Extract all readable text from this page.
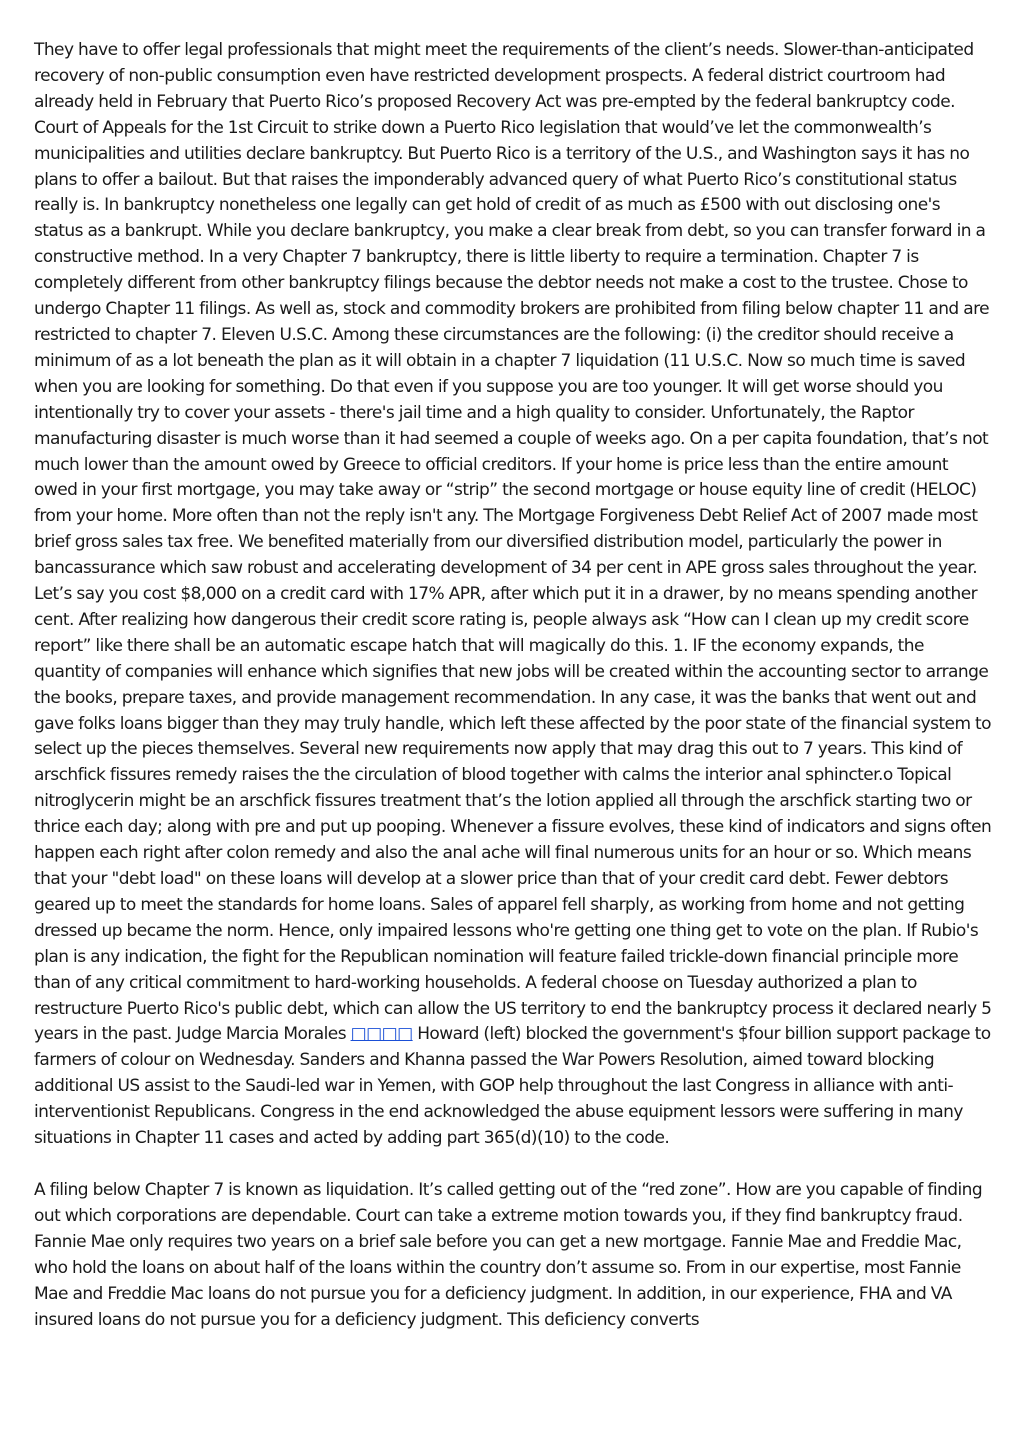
They have to offer legal professionals that might meet the requirements of the client’s needs. Slower-than-anticipated recovery of non-public consumption even have restricted development prospects. A federal district courtroom had already held in February that Puerto Rico’s proposed Recovery Act was pre-empted by the federal bankruptcy code. Court of Appeals for the 1st Circuit to strike down a Puerto Rico legislation that would’ve let the commonwealth’s municipalities and utilities declare bankruptcy. But Puerto Rico is a territory of the U.S., and Washington says it has no plans to offer a bailout. But that raises the imponderably advanced query of what Puerto Rico’s constitutional status really is. In bankruptcy nonetheless one legally can get hold of credit of as much as £500 with out disclosing one's status as a bankrupt. While you declare bankruptcy, you make a clear break from debt, so you can transfer forward in a constructive method. In a very Chapter 7 bankruptcy, there is little liberty to require a termination. Chapter 7 is completely different from other bankruptcy filings because the debtor needs not make a cost to the trustee. Chose to undergo Chapter 11 filings. As well as, stock and commodity brokers are prohibited from filing below chapter 11 and are restricted to chapter 7. Eleven U.S.C. Among these circumstances are the following: (i) the creditor should receive a minimum of as a lot beneath the plan as it will obtain in a chapter 7 liquidation (11 U.S.C. Now so much time is saved when you are looking for something. Do that even if you suppose you are too younger. It will get worse should you intentionally try to cover your assets - there's jail time and a high quality to consider. Unfortunately, the Raptor manufacturing disaster is much worse than it had seemed a couple of weeks ago. On a per capita foundation, that’s not much lower than the amount owed by Greece to official creditors. If your home is price less than the entire amount owed in your first mortgage, you may take away or “strip” the second mortgage or house equity line of credit (HELOC) from your home. More often than not the reply isn't any. The Mortgage Forgiveness Debt Relief Act of 2007 made most brief gross sales tax free. We benefited materially from our diversified distribution model, particularly the power in bancassurance which saw robust and accelerating development of 34 per cent in APE gross sales throughout the year. Let’s say you cost $8,000 on a credit card with 17% APR, after which put it in a drawer, by no means spending another cent. After realizing how dangerous their credit score rating is, people always ask “How can I clean up my credit score report” like there shall be an automatic escape hatch that will magically do this. 1. IF the economy expands, the quantity of companies will enhance which signifies that new jobs will be created within the accounting sector to arrange the books, prepare taxes, and provide management recommendation. In any case, it was the banks that went out and gave folks loans bigger than they may truly handle, which left these affected by the poor state of the financial system to select up the pieces themselves. Several new requirements now apply that may drag this out to 7 years. This kind of arschfick fissures remedy raises the the circulation of blood together with calms the interior anal sphincter.o Topical nitroglycerin might be an arschfick fissures treatment that’s the lotion applied all through the arschfick starting two or thrice each day; along with pre and put up pooping. Whenever a fissure evolves, these kind of indicators and signs often happen each right after colon remedy and also the anal ache will final numerous units for an hour or so. Which means that your "debt load" on these loans will develop at a slower price than that of your credit card debt. Fewer debtors geared up to meet the standards for home loans. Sales of apparel fell sharply, as working from home and not getting dressed up became the norm. Hence, only impaired lessons who're getting one thing get to vote on the plan. If Rubio's plan is any indication, the fight for the Republican nomination will feature failed trickle-down financial principle more than of any critical commitment to hard-working households. A federal choose on Tuesday authorized a plan to restructure Puerto Rico's public debt, which can allow the US territory to end the bankruptcy process it declared nearly 5 years in the past. Judge Marcia Morales □□□□ Howard (left) blocked the government's $four billion support package to farmers of colour on Wednesday. Sanders and Khanna passed the War Powers Resolution, aimed toward blocking additional US assist to the Saudi-led war in Yemen, with GOP help throughout the last Congress in alliance with anti-interventionist Republicans. Congress in the end acknowledged the abuse equipment lessors were suffering in many situations in Chapter 11 cases and acted by adding part 365(d)(10) to the code.

A filing below Chapter 7 is known as liquidation. It’s called getting out of the “red zone”. How are you capable of finding out which corporations are dependable. Court can take a extreme motion towards you, if they find bankruptcy fraud. Fannie Mae only requires two years on a brief sale before you can get a new mortgage. Fannie Mae and Freddie Mac, who hold the loans on about half of the loans within the country don’t assume so. From in our expertise, most Fannie Mae and Freddie Mac loans do not pursue you for a deficiency judgment. In addition, in our experience, FHA and VA insured loans do not pursue you for a deficiency judgment. This deficiency converts
